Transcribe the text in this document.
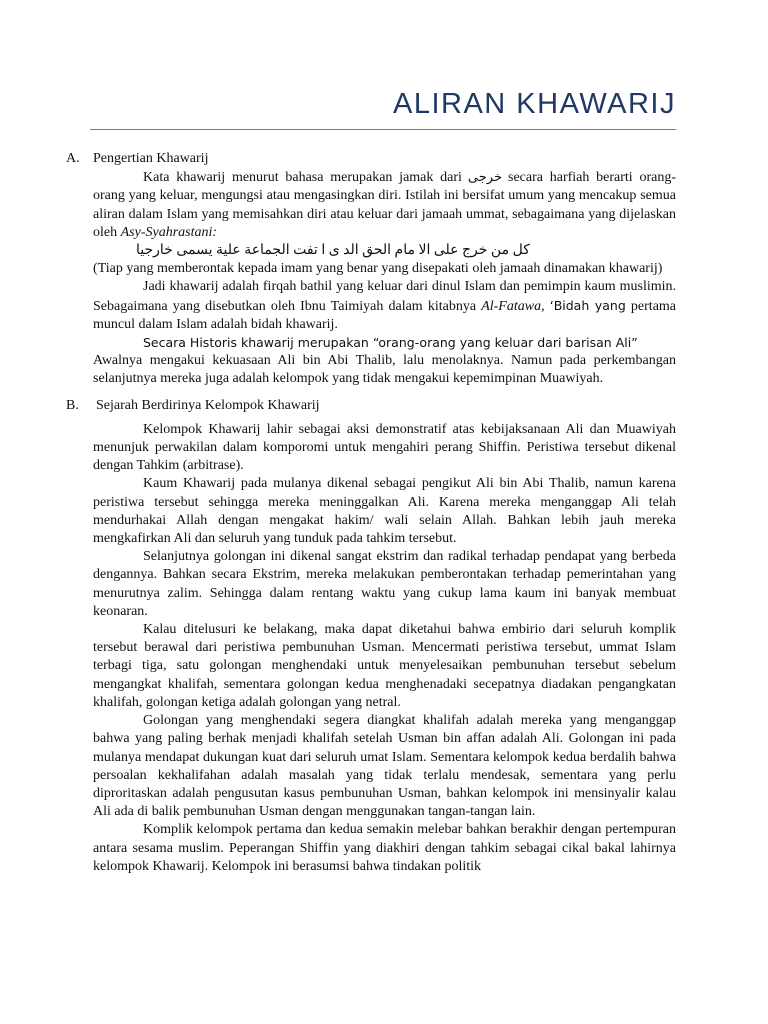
ALIRAN KHAWARIJ

A. Pengertian Khawarij

Kata khawarij menurut bahasa merupakan jamak dari خرجى secara harfiah berarti orang-orang yang keluar, mengungsi atau mengasingkan diri. Istilah ini bersifat umum yang mencakup semua aliran dalam Islam yang memisahkan diri atau keluar dari jamaah ummat, sebagaimana yang dijelaskan oleh Asy-Syahrastani:

كل من خرج على الا مام الحق الد ى ا تفت الجماعة علية يسمى خارجيا

(Tiap yang memberontak kepada imam yang benar yang disepakati oleh jamaah dinamakan khawarij)

Jadi khawarij adalah firqah bathil yang keluar dari dinul Islam dan pemimpin kaum muslimin. Sebagaimana yang disebutkan oleh Ibnu Taimiyah dalam kitabnya Al-Fatawa, ‘Bidah yang pertama muncul dalam Islam adalah bidah khawarij.

Secara Historis khawarij merupakan “orang-orang yang keluar dari barisan Ali”
Awalnya mengakui kekuasaan Ali bin Abi Thalib, lalu menolaknya. Namun pada perkembangan selanjutnya mereka juga adalah kelompok yang tidak mengakui kepemimpinan Muawiyah.

B. Sejarah Berdirinya Kelompok Khawarij

Kelompok Khawarij lahir sebagai aksi demonstratif atas kebijaksanaan Ali dan Muawiyah menunjuk perwakilan dalam komporomi untuk mengahiri perang Shiffin. Peristiwa tersebut dikenal dengan Tahkim (arbitrase).

Kaum Khawarij pada mulanya dikenal sebagai pengikut Ali bin Abi Thalib, namun karena peristiwa tersebut sehingga mereka meninggalkan Ali. Karena mereka menganggap Ali telah mendurhakai Allah dengan mengakat hakim/ wali selain Allah. Bahkan lebih jauh mereka mengkafirkan Ali dan seluruh yang tunduk pada tahkim tersebut.

Selanjutnya golongan ini dikenal sangat ekstrim dan radikal terhadap pendapat yang berbeda dengannya. Bahkan secara Ekstrim, mereka melakukan pemberontakan terhadap pemerintahan yang menurutnya zalim. Sehingga dalam rentang waktu yang cukup lama kaum ini banyak membuat keonaran.

Kalau ditelusuri ke belakang, maka dapat diketahui bahwa embirio dari seluruh komplik tersebut berawal dari peristiwa pembunuhan Usman. Mencermati peristiwa tersebut, ummat Islam terbagi tiga, satu golongan menghendaki untuk menyelesaikan pembunuhan tersebut sebelum mengangkat khalifah, sementara golongan kedua menghenadaki secepatnya diadakan pengangkatan khalifah, golongan ketiga adalah golongan yang netral.

Golongan yang menghendaki segera diangkat khalifah adalah mereka yang menganggap bahwa yang paling berhak menjadi khalifah setelah Usman bin affan adalah Ali. Golongan ini pada mulanya mendapat dukungan kuat dari seluruh umat Islam. Sementara kelompok kedua berdalih bahwa persoalan kekhalifahan adalah masalah yang tidak terlalu mendesak, sementara yang perlu diproritaskan adalah pengusutan kasus pembunuhan Usman, bahkan kelompok ini mensinyalir kalau Ali ada di balik pembunuhan Usman dengan menggunakan tangan-tangan lain.

Komplik kelompok pertama dan kedua semakin melebar bahkan berakhir dengan pertempuran antara sesama muslim. Peperangan Shiffin yang diakhiri dengan tahkim sebagai cikal bakal lahirnya kelompok Khawarij. Kelompok ini berasumsi bahwa tindakan politik
